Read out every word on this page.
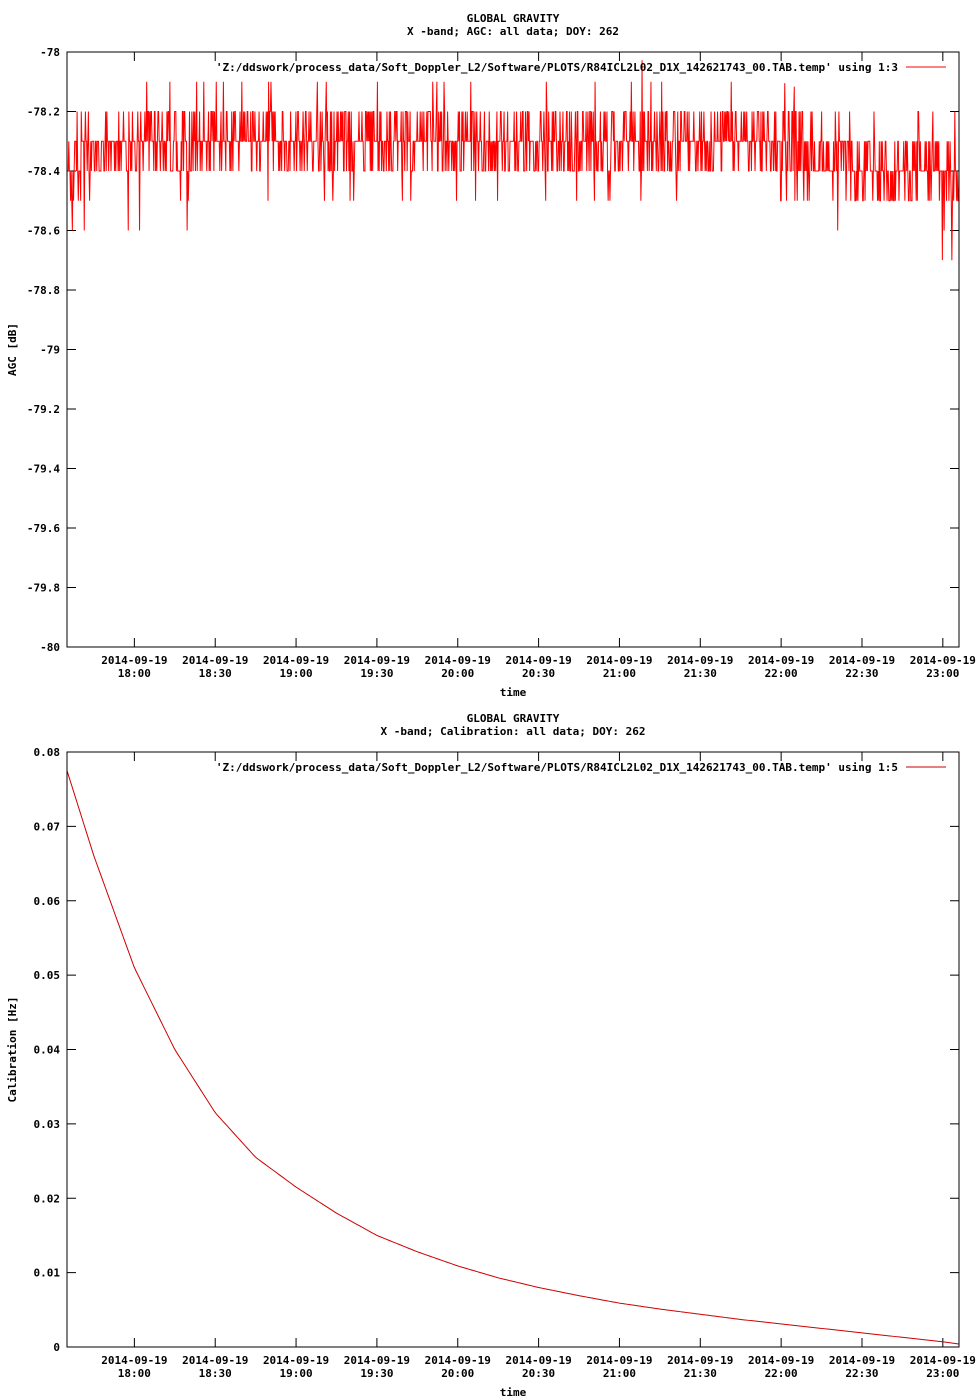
GLOBAL GRAVITY
X -band; AGC: all data; DOY: 262
-78
-78.2
-78.4
-78.6
-78.8
-79
-79.2
-79.4
-79.6
-79.8
-80
2014-09-19
18:00
2014-09-19
18:30
2014-09-19
19:00
2014-09-19
19:30
2014-09-19
20:00
2014-09-19
20:30
2014-09-19
21:00
2014-09-19
21:30
2014-09-19
22:00
2014-09-19
22:30
2014-09-19
23:00
time
AGC [dB]
'Z:/ddswork/process_data/Soft_Doppler_L2/Software/PLOTS/R84ICL2L02_D1X_142621743_00.TAB.temp' using 1:3
GLOBAL GRAVITY
X -band; Calibration: all data; DOY: 262
0.08
0.07
0.06
0.05
0.04
0.03
0.02
0.01
0
2014-09-19
18:00
2014-09-19
18:30
2014-09-19
19:00
2014-09-19
19:30
2014-09-19
20:00
2014-09-19
20:30
2014-09-19
21:00
2014-09-19
21:30
2014-09-19
22:00
2014-09-19
22:30
2014-09-19
23:00
time
Calibration [Hz]
'Z:/ddswork/process_data/Soft_Doppler_L2/Software/PLOTS/R84ICL2L02_D1X_142621743_00.TAB.temp' using 1:5
